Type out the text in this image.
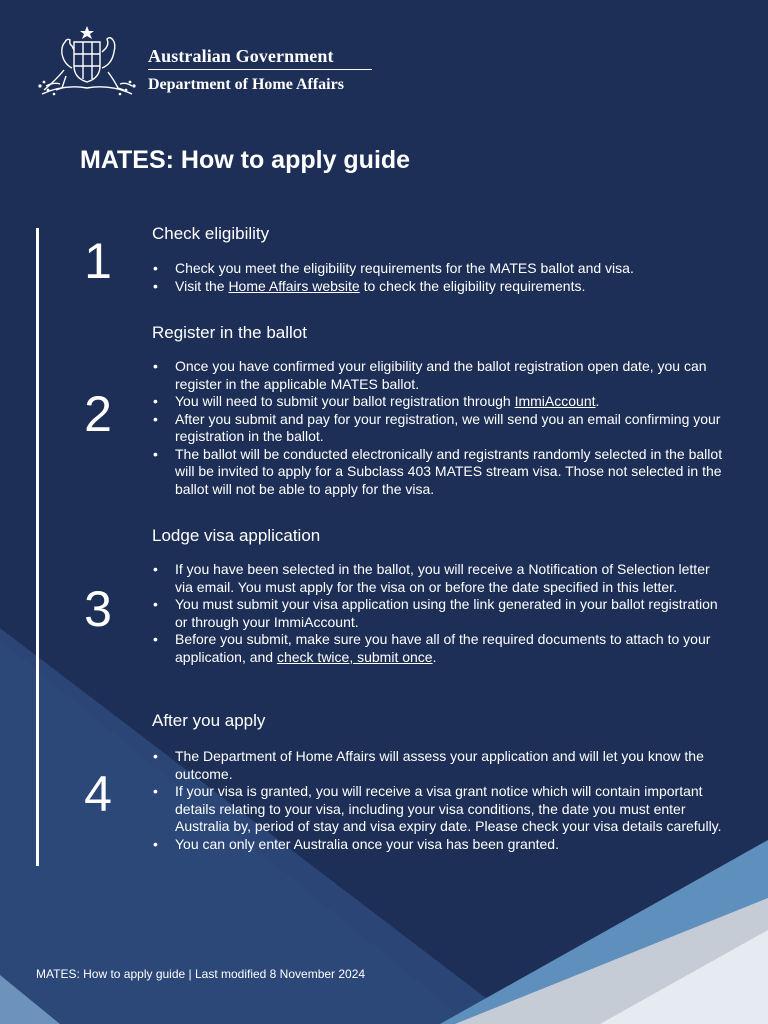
Australian Government
Department of Home Affairs
MATES: How to apply guide
1	Check eligibility
• Check you meet the eligibility requirements for the MATES ballot and visa.
• Visit the Home Affairs website to check the eligibility requirements.
2
Register in the ballot
• Once you have confirmed your eligibility and the ballot registration open date, you can register in the applicable MATES ballot.
• You will need to submit your ballot registration through ImmiAccount.
• After you submit and pay for your registration, we will send you an email confirming your registration in the ballot.
• The ballot will be conducted electronically and registrants randomly selected in the ballot will be invited to apply for a Subclass 403 MATES stream visa. Those not selected in the ballot will not be able to apply for the visa.
3
Lodge visa application
• If you have been selected in the ballot, you will receive a Notification of Selection letter via email. You must apply for the visa on or before the date specified in this letter.
• You must submit your visa application using the link generated in your ballot registration or through your ImmiAccount.
• Before you submit, make sure you have all of the required documents to attach to your application, and check twice, submit once.
4
After you apply
• The Department of Home Affairs will assess your application and will let you know the outcome.
• If your visa is granted, you will receive a visa grant notice which will contain important details relating to your visa, including your visa conditions, the date you must enter Australia by, period of stay and visa expiry date. Please check your visa details carefully.
• You can only enter Australia once your visa has been granted.
MATES: How to apply guide | Last modified 8 November 2024
